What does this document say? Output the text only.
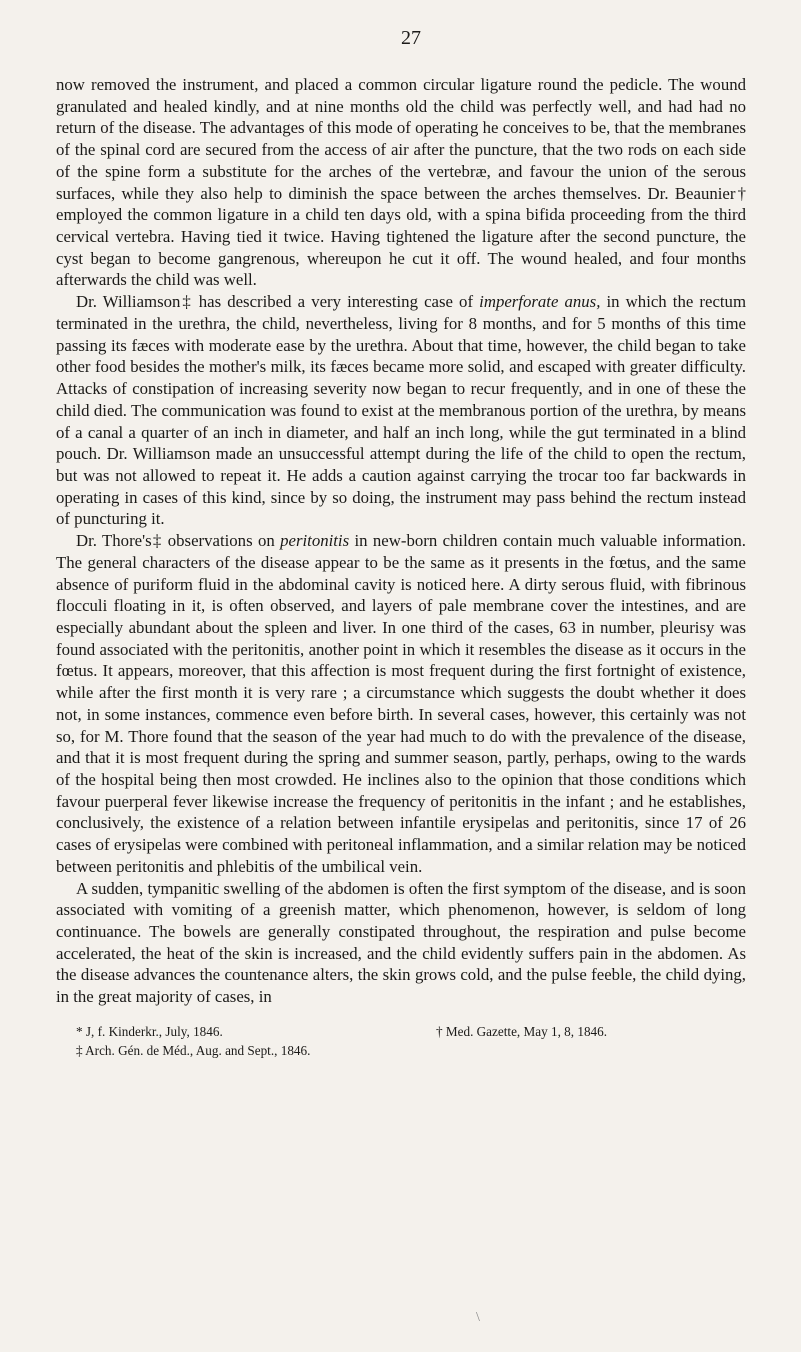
27

now removed the instrument, and placed a common circular ligature round the pedicle. The wound granulated and healed kindly, and at nine months old the child was perfectly well, and had had no return of the disease. The advantages of this mode of operating he conceives to be, that the membranes of the spinal cord are secured from the access of air after the puncture, that the two rods on each side of the spine form a substitute for the arches of the vertebræ, and favour the union of the serous surfaces, while they also help to diminish the space between the arches themselves. Dr. Beaunier† employed the common ligature in a child ten days old, with a spina bifida proceeding from the third cervical vertebra. Having tied it twice. Having tightened the ligature after the second puncture, the cyst began to become gangrenous, whereupon he cut it off. The wound healed, and four months afterwards the child was well.

Dr. Williamson‡ has described a very interesting case of imperforate anus, in which the rectum terminated in the urethra, the child, nevertheless, living for 8 months, and for 5 months of this time passing its fæces with moderate ease by the urethra. About that time, however, the child began to take other food besides the mother's milk, its fæces became more solid, and escaped with greater difficulty. Attacks of constipation of increasing severity now began to recur frequently, and in one of these the child died. The communication was found to exist at the membranous portion of the urethra, by means of a canal a quarter of an inch in diameter, and half an inch long, while the gut terminated in a blind pouch. Dr. Williamson made an unsuccessful attempt during the life of the child to open the rectum, but was not allowed to repeat it. He adds a caution against carrying the trocar too far backwards in operating in cases of this kind, since by so doing, the instrument may pass behind the rectum instead of puncturing it.

Dr. Thore's‡ observations on peritonitis in new-born children contain much valuable information. The general characters of the disease appear to be the same as it presents in the fœtus, and the same absence of puriform fluid in the abdominal cavity is noticed here. A dirty serous fluid, with fibrinous flocculi floating in it, is often observed, and layers of pale membrane cover the intestines, and are especially abundant about the spleen and liver. In one third of the cases, 63 in number, pleurisy was found associated with the peritonitis, another point in which it resembles the disease as it occurs in the fœtus. It appears, moreover, that this affection is most frequent during the first fortnight of existence, while after the first month it is very rare ; a circumstance which suggests the doubt whether it does not, in some instances, commence even before birth. In several cases, however, this certainly was not so, for M. Thore found that the season of the year had much to do with the prevalence of the disease, and that it is most frequent during the spring and summer season, partly, perhaps, owing to the wards of the hospital being then most crowded. He inclines also to the opinion that those conditions which favour puerperal fever likewise increase the frequency of peritonitis in the infant ; and he establishes, conclusively, the existence of a relation between infantile erysipelas and peritonitis, since 17 of 26 cases of erysipelas were combined with peritoneal inflammation, and a similar relation may be noticed between peritonitis and phlebitis of the umbilical vein.

A sudden, tympanitic swelling of the abdomen is often the first symptom of the disease, and is soon associated with vomiting of a greenish matter, which phenomenon, however, is seldom of long continuance. The bowels are generally constipated throughout, the respiration and pulse become accelerated, the heat of the skin is increased, and the child evidently suffers pain in the abdomen. As the disease advances the countenance alters, the skin grows cold, and the pulse feeble, the child dying, in the great majority of cases, in

* J, f. Kinderkr., July, 1846.	† Med. Gazette, May 1, 8, 1846.
‡ Arch. Gén. de Méd., Aug. and Sept., 1846.
\
